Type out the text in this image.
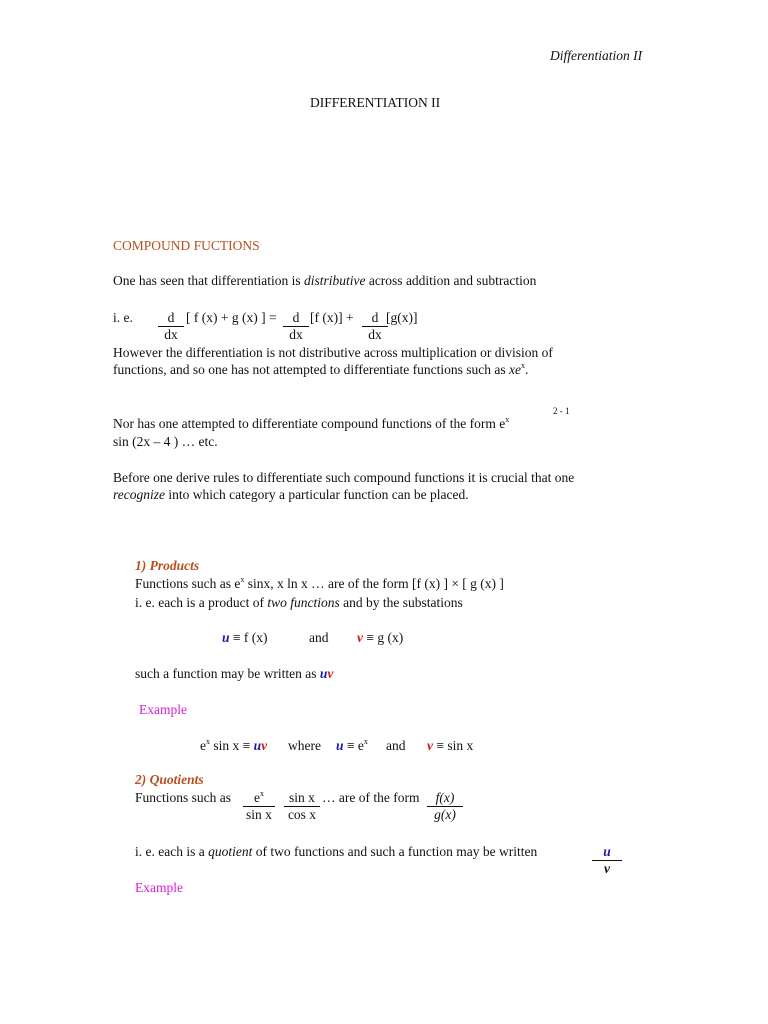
Differentiation II
DIFFERENTIATION II
COMPOUND FUCTIONS
One has seen that differentiation is distributive across addition and subtraction
i. e. $\frac{d}{dx}$ [ f (x) + g (x) ] = $\frac{d}{dx} [f$ $(x)] + \frac{d}{dx}$
[g(x)]
However the differentiation is not distributive across multiplication or division of
functions, and so one has not attempted to differentiate functions such as $xe^x$.
2 - 1
Nor has one attempted to differentiate compound functions of the form $e^x$
sin (2x – 4 ) … etc.
Before one derive rules to differentiate such compound functions it is crucial that one
recognize into which category a particular function can be placed.
1) Products
Functions such as $e^x$ sinx, x ln x … are of the form [f (x) ] × [ g (x) ]
i. e. each is a product of two functions and by the substations
u ≡ f (x)	and v ≡ g (x)
such a function may be written as uv
Example
$e^x$ sin x ≡ uv where $u \equiv e^x$ and v ≡ sin x
2) Quotients
Functions such as $\frac{e^x}{\text{sin x}} \frac{\text{sin x}}{\text{cos x}}$ … are of the form $\frac{f(x)}{g(x)}$
i. e. each is a quotient of two functions and such a function may be written	$\frac{u}{v}$
Example
